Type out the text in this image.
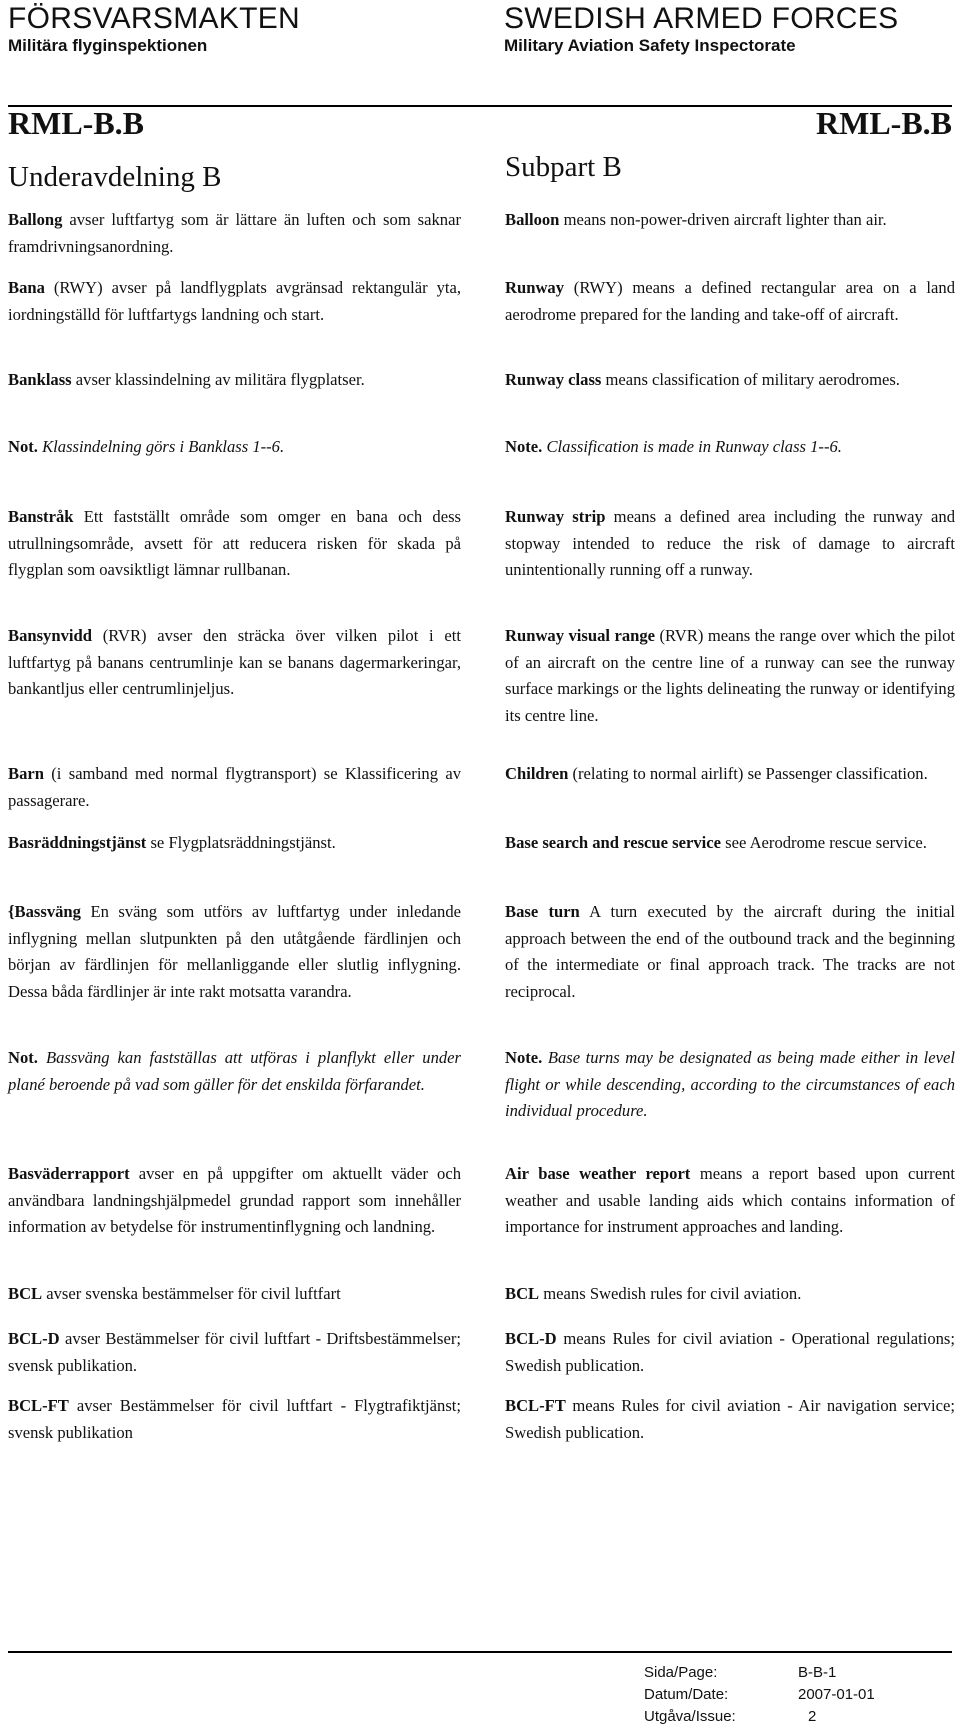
FÖRSVARSMAKTEN
Militära flyginspektionen
SWEDISH ARMED FORCES
Military Aviation Safety Inspectorate
RML-B.B	RML-B.B
Underavdelning B
Ballong avser luftfartyg som är lättare än luften och som saknar framdrivningsanordning.
Bana (RWY) avser på landflygplats avgränsad rektangulär yta, iordningställd för luftfartygs landning och start.
Banklass avser klassindelning av militära flygplatser.
Not. Klassindelning görs i Banklass 1--6.
Banstråk Ett fastställt område som omger en bana och dess utrullningsområde, avsett för att reducera risken för skada på flygplan som oavsiktligt lämnar rullbanan.
Bansynvidd (RVR) avser den sträcka över vilken pilot i ett luftfartyg på banans centrumlinje kan se banans dagermarkeringar, bankantljus eller centrumlinjeljus.
Barn (i samband med normal flygtransport) se Klassificering av passagerare.
Basräddningstjänst se Flygplatsräddningstjänst.
{Bassväng En sväng som utförs av luftfartyg under inledande inflygning mellan slutpunkten på den utåtgående färdlinjen och början av färdlinjen för mellanliggande eller slutlig inflygning. Dessa båda färdlinjer är inte rakt motsatta varandra.
Not. Bassväng kan fastställas att utföras i planflykt eller under plané beroende på vad som gäller för det enskilda förfarandet.
Basväderrapport avser en på uppgifter om aktuellt väder och användbara landningshjälpmedel grundad rapport som innehåller information av betydelse för instrumentinflygning och landning.
BCL avser svenska bestämmelser för civil luftfart
BCL-D avser Bestämmelser för civil luftfart - Driftsbestämmelser; svensk publikation.
BCL-FT avser Bestämmelser för civil luftfart - Flygtrafiktjänst; svensk publikation
Subpart B
Balloon means non-power-driven aircraft lighter than air.
Runway (RWY) means a defined rectangular area on a land aerodrome prepared for the landing and take-off of aircraft.
Runway class means classification of military aerodromes.
Note. Classification is made in Runway class 1--6.
Runway strip means a defined area including the runway and stopway intended to reduce the risk of damage to aircraft unintentionally running off a runway.
Runway visual range (RVR) means the range over which the pilot of an aircraft on the centre line of a runway can see the runway surface markings or the lights delineating the runway or identifying its centre line.
Children (relating to normal airlift) se Passenger classification.
Base search and rescue service see Aerodrome rescue service.
Base turn A turn executed by the aircraft during the initial approach between the end of the outbound track and the beginning of the intermediate or final approach track. The tracks are not reciprocal.
Note. Base turns may be designated as being made either in level flight or while descending, according to the circumstances of each individual procedure.
Air base weather report means a report based upon current weather and usable landing aids which contains information of importance for instrument approaches and landing.
BCL means Swedish rules for civil aviation.
BCL-D means Rules for civil aviation - Operational regulations; Swedish publication.
BCL-FT means Rules for civil aviation - Air navigation service; Swedish publication.
Sida/Page:	B-B-1
Datum/Date:	2007-01-01
Utgåva/Issue:	2
